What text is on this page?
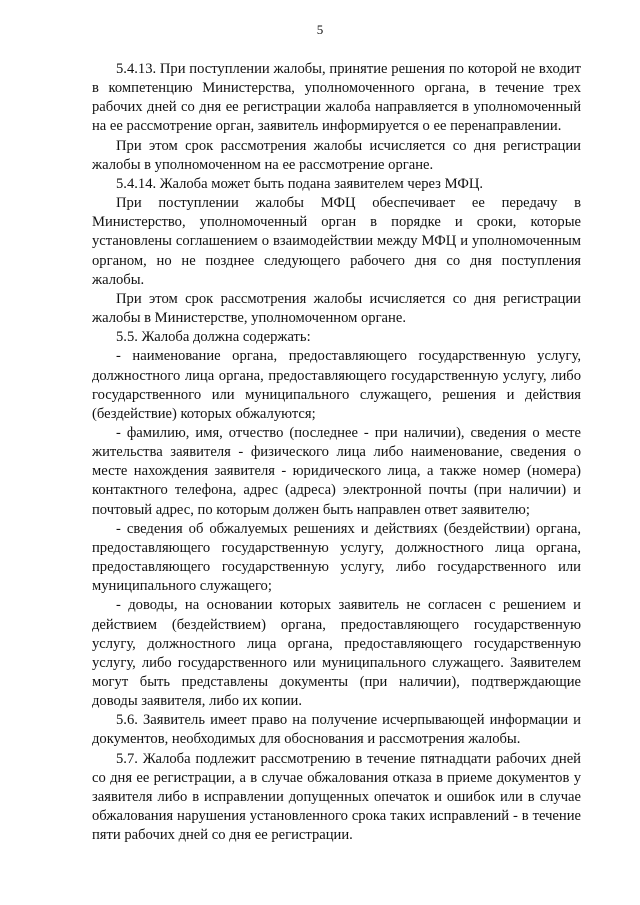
5

5.4.13. При поступлении жалобы, принятие решения по которой не входит в компетенцию Министерства, уполномоченного органа, в течение трех рабочих дней со дня ее регистрации жалоба направляется в уполномоченный на ее рассмотрение орган, заявитель информируется о ее перенаправлении.

При этом срок рассмотрения жалобы исчисляется со дня регистрации жалобы в уполномоченном на ее рассмотрение органе.

5.4.14. Жалоба может быть подана заявителем через МФЦ.

При поступлении жалобы МФЦ обеспечивает ее передачу в Министерство, уполномоченный орган в порядке и сроки, которые установлены соглашением о взаимодействии между МФЦ и уполномоченным органом, но не позднее следующего рабочего дня со дня поступления жалобы.

При этом срок рассмотрения жалобы исчисляется со дня регистрации жалобы в Министерстве, уполномоченном органе.

5.5. Жалоба должна содержать:

- наименование органа, предоставляющего государственную услугу, должностного лица органа, предоставляющего государственную услугу, либо государственного или муниципального служащего, решения и действия (бездействие) которых обжалуются;

- фамилию, имя, отчество (последнее - при наличии), сведения о месте жительства заявителя - физического лица либо наименование, сведения о месте нахождения заявителя - юридического лица, а также номер (номера) контактного телефона, адрес (адреса) электронной почты (при наличии) и почтовый адрес, по которым должен быть направлен ответ заявителю;

- сведения об обжалуемых решениях и действиях (бездействии) органа, предоставляющего государственную услугу, должностного лица органа, предоставляющего государственную услугу, либо государственного или муниципального служащего;

- доводы, на основании которых заявитель не согласен с решением и действием (бездействием) органа, предоставляющего государственную услугу, должностного лица органа, предоставляющего государственную услугу, либо государственного или муниципального служащего. Заявителем могут быть представлены документы (при наличии), подтверждающие доводы заявителя, либо их копии.

5.6. Заявитель имеет право на получение исчерпывающей информации и документов, необходимых для обоснования и рассмотрения жалобы.

5.7. Жалоба подлежит рассмотрению в течение пятнадцати рабочих дней со дня ее регистрации, а в случае обжалования отказа в приеме документов у заявителя либо в исправлении допущенных опечаток и ошибок или в случае обжалования нарушения установленного срока таких исправлений - в течение пяти рабочих дней со дня ее регистрации.
